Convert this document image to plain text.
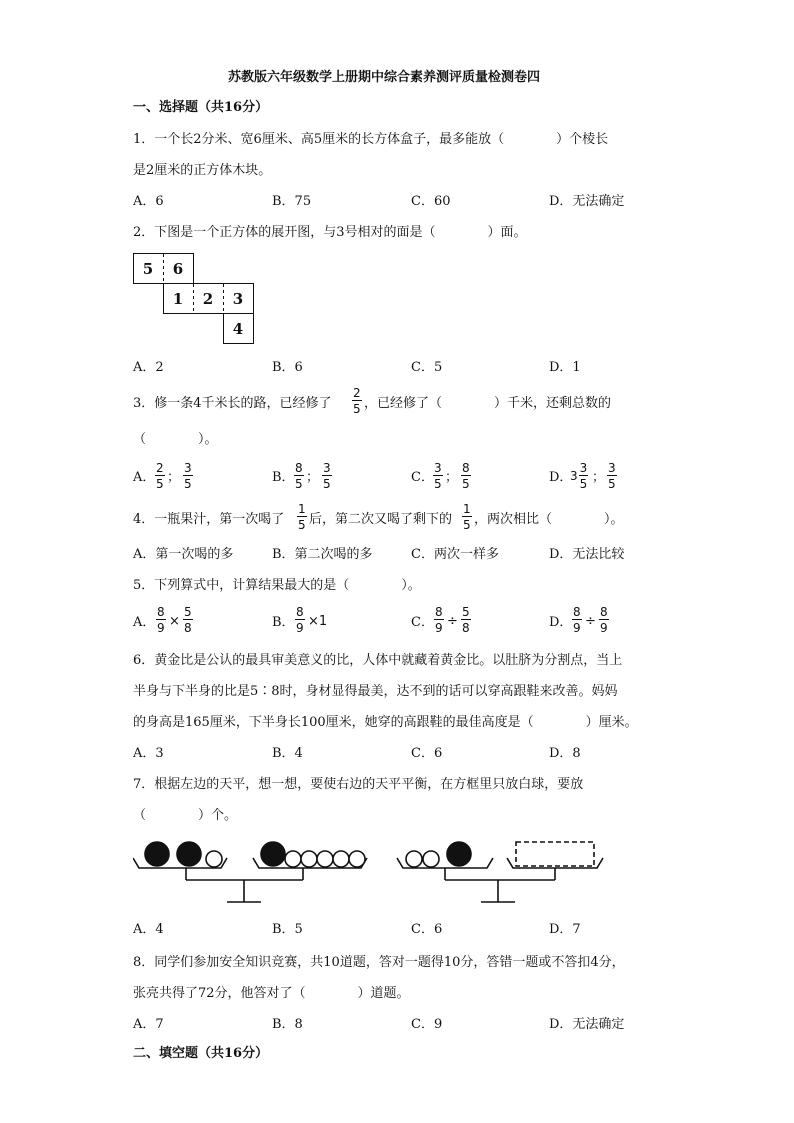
苏教版六年级数学上册期中综合素养测评质量检测卷四
一、选择题（共16分）
1．一个长2分米、宽6厘米、高5厘米的长方体盒子，最多能放（　　　　）个棱长
是2厘米的正方体木块。
A．6	B．75	C．60	D．无法确定
2．下图是一个正方体的展开图，与3号相对的面是（　　　　）面。
5 6
1 2 3
4
A．2	B．6	C．5	D．1
3．修一条4千米长的路，已经修了 $\frac{2}{5}$ ，已经修了（　　　　）千米，还剩总数的
（　　　　）。
A． $\frac{2}{5}$ ； $\frac{3}{5}$	B． $\frac{8}{5}$ ； $\frac{3}{5}$	C． $\frac{3}{5}$ ； $\frac{8}{5}$	D．
$3 \frac{3}{5}$ ； $\frac{3}{5}$
4．一瓶果汁，第一次喝了 $\frac{1}{5}$ 后，第二次又喝了剩下的 $\frac{1}{5}$ ，两次相比（　　　　）。
A．第一次喝的多	B．第二次喝的多	C．两次一样多	D．无法比较
5．下列算式中，计算结果最大的是（　　　　）。
A． $\frac{8}{9} \times \frac{5}{8}$	B． $\frac{8}{9} \times 1$	C． $\frac{8}{9} \div \frac{5}{8}$	D． $\frac{8}{9} \div \frac{8}{9}$
6．黄金比是公认的最具审美意义的比，人体中就藏着黄金比。以肚脐为分割点，当上
半身与下半身的比是5∶8时，身材显得最美，达不到的话可以穿高跟鞋来改善。妈妈
的身高是165厘米，下半身长100厘米，她穿的高跟鞋的最佳高度是（　　　　）厘米。
A．3	B．4	C．6	D．8
7．根据左边的天平，想一想，要使右边的天平平衡，在方框里只放白球，要放
（　　　　）个。
A．4	B．5	C．6	D．7
8．同学们参加安全知识竞赛，共10道题，答对一题得10分，答错一题或不答扣4分，
张亮共得了72分，他答对了（　　　　）道题。
A．7	B．8	C．9	D．无法确定
二、填空题（共16分）
